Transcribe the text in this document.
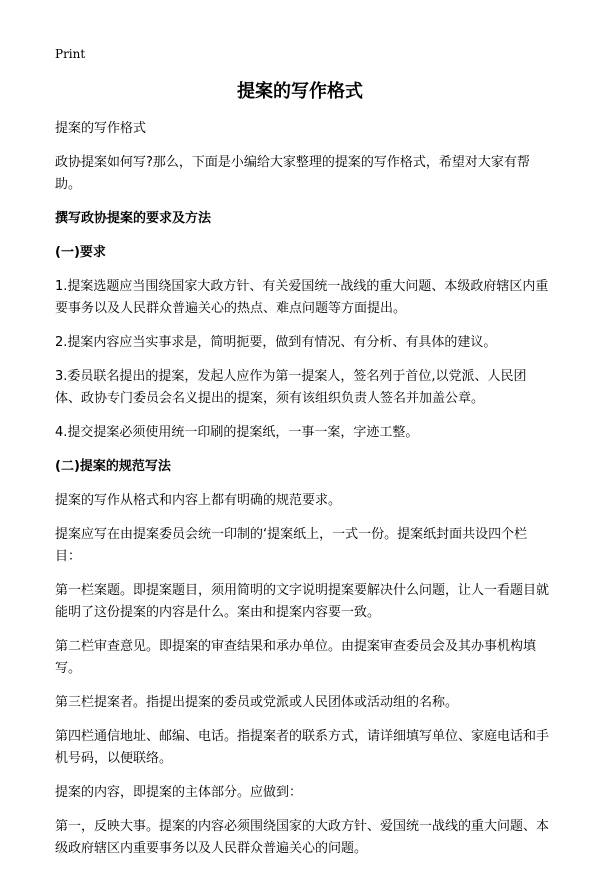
Print
提案的写作格式

提案的写作格式

政协提案如何写?那么，下面是小编给大家整理的提案的写作格式，希望对大家有帮助。

撰写政协提案的要求及方法
(一)要求

1.提案选题应当围绕国家大政方针、有关爱国统一战线的重大问题、本级政府辖区内重要事务以及人民群众普遍关心的热点、难点问题等方面提出。

2.提案内容应当实事求是，简明扼要，做到有情况、有分析、有具体的建议。

3.委员联名提出的提案，发起人应作为第一提案人，签名列于首位,以党派、人民团体、政协专门委员会名义提出的提案，须有该组织负责人签名并加盖公章。

4.提交提案必须使用统一印刷的提案纸，一事一案，字迹工整。

(二)提案的规范写法

提案的写作从格式和内容上都有明确的规范要求。

提案应写在由提案委员会统一印制的‘提案纸上，一式一份。提案纸封面共设四个栏目：

第一栏案题。即提案题目，须用简明的文字说明提案要解决什么问题，让人一看题目就能明了这份提案的内容是什么。案由和提案内容要一致。

第二栏审查意见。即提案的审查结果和承办单位。由提案审查委员会及其办事机构填写。

第三栏提案者。指提出提案的委员或党派或人民团体或活动组的名称。

第四栏通信地址、邮编、电话。指提案者的联系方式，请详细填写单位、家庭电话和手机号码，以便联络。

提案的内容，即提案的主体部分。应做到：

第一，反映大事。提案的内容必须围绕国家的大政方针、爱国统一战线的重大问题、本级政府辖区内重要事务以及人民群众普遍关心的问题。
